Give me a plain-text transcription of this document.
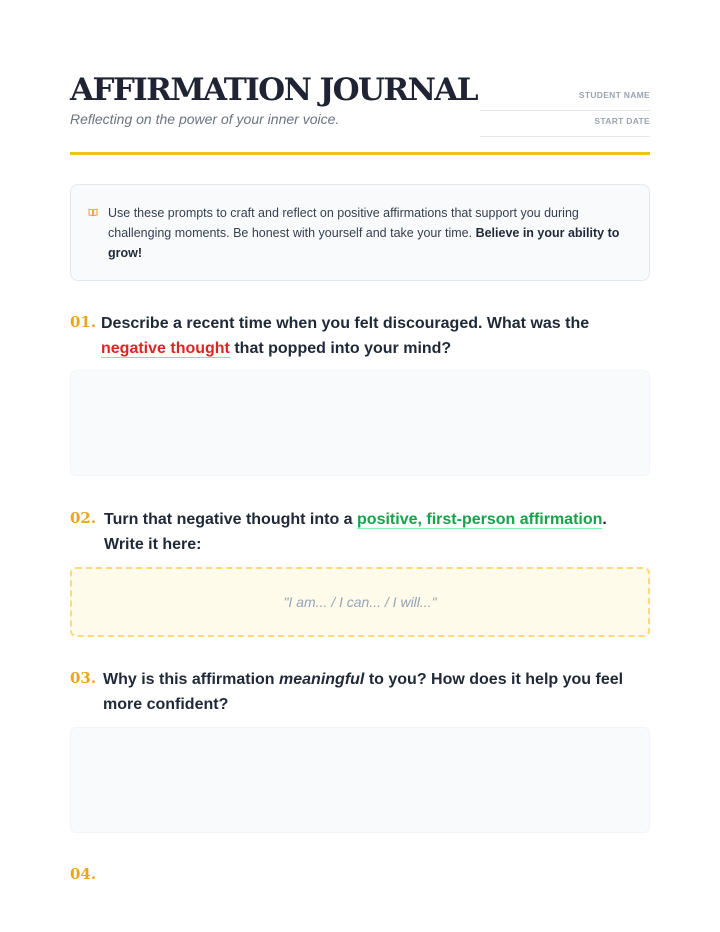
AFFIRMATION JOURNAL
Reflecting on the power of your inner voice.
STUDENT NAME
START DATE
Use these prompts to craft and reflect on positive affirmations that support you during challenging moments. Be honest with yourself and take your time. Believe in your ability to grow!
01. Describe a recent time when you felt discouraged. What was the
negative thought that popped into your mind?

02. Turn that negative thought into a positive, first-person affirmation. Write it here:

"I am... / I can... / I will..."
03. Why is this affirmation meaningful to you? How does it help you feel more confident?

04.
